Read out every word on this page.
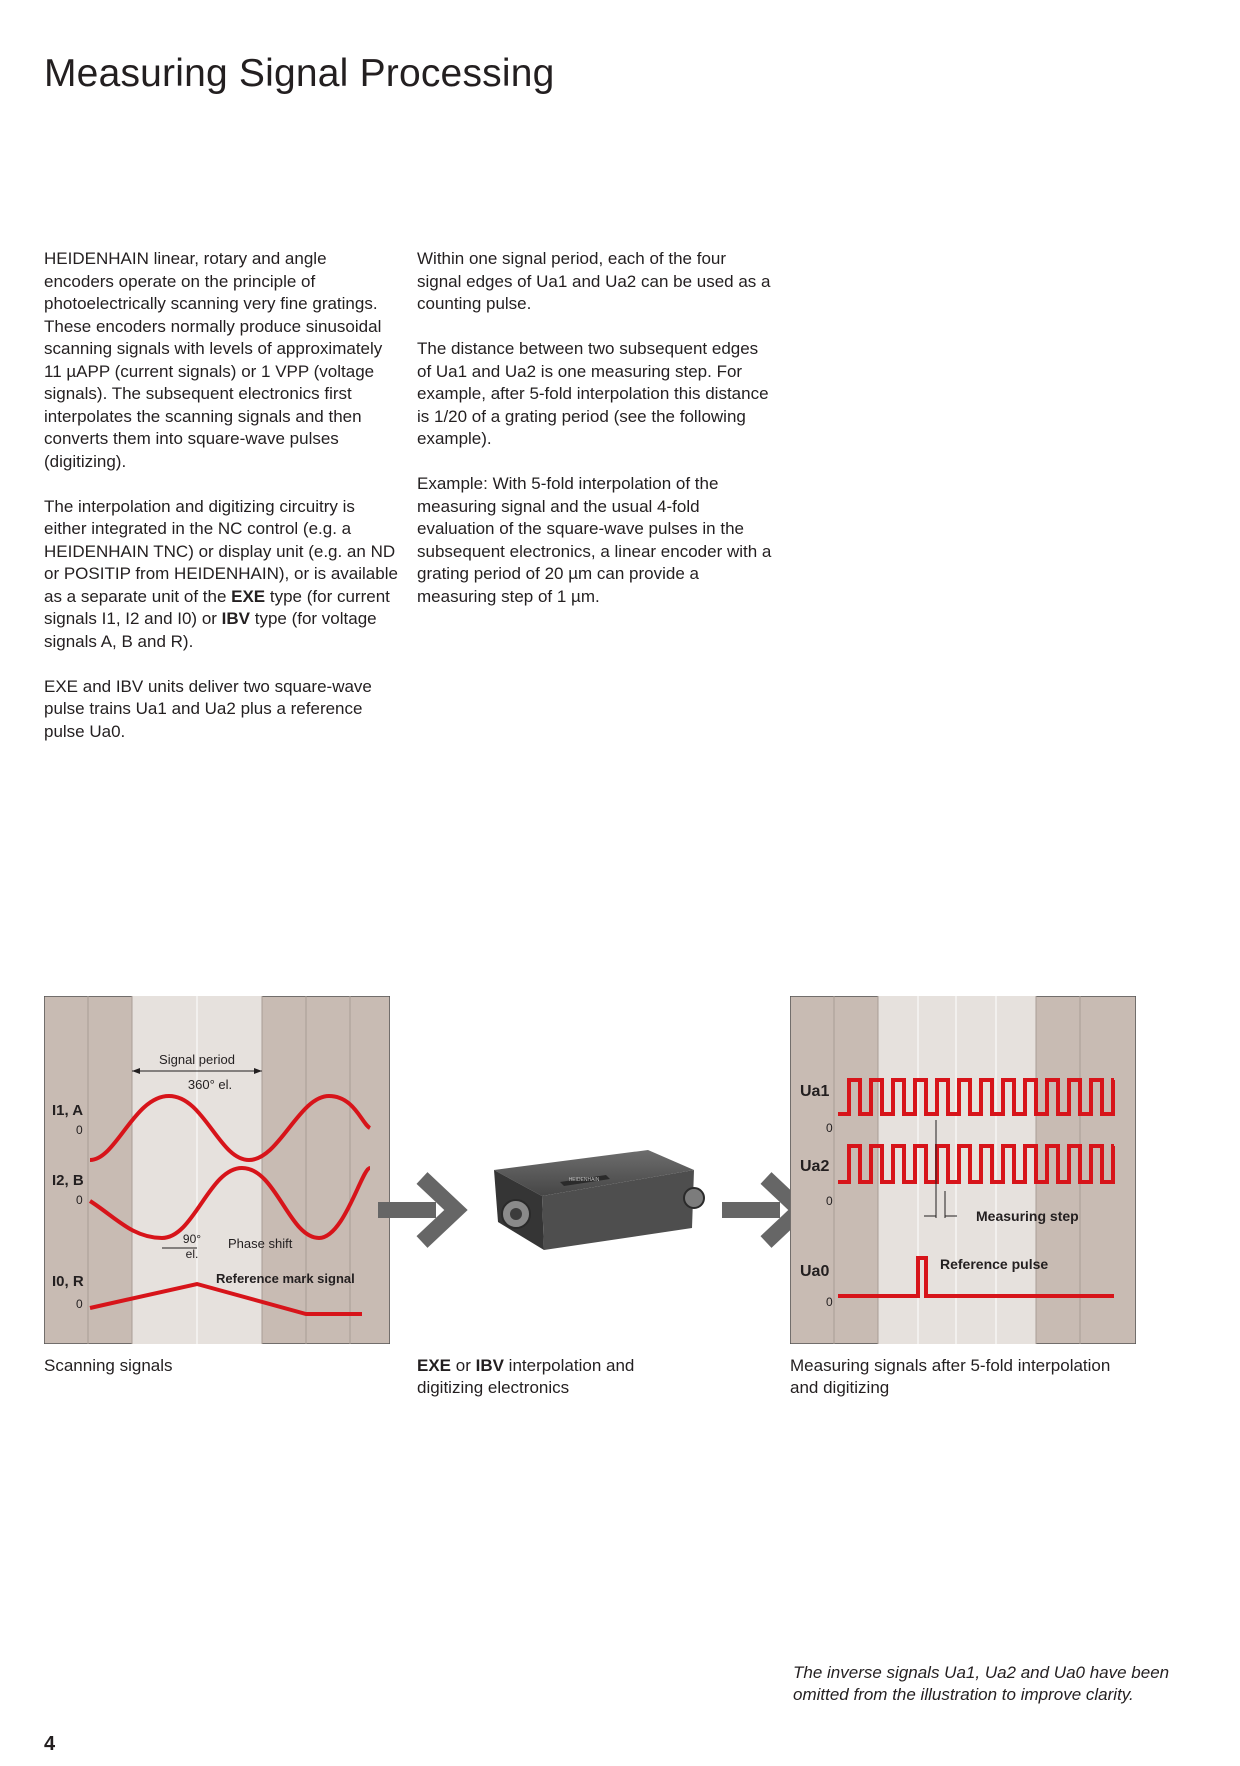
Measuring Signal Processing

HEIDENHAIN linear, rotary and angle encoders operate on the principle of photoelectrically scanning very fine gratings. These encoders normally produce sinusoidal scanning signals with levels of approximately 11 µAPP (current signals) or 1 VPP (voltage signals). The subsequent electronics first interpolates the scanning signals and then converts them into square-wave pulses (digitizing).

The interpolation and digitizing circuitry is either integrated in the NC control (e.g. a HEIDENHAIN TNC) or display unit (e.g. an ND or POSITIP from HEIDENHAIN), or is available as a separate unit of the EXE type (for current signals I1, I2 and I0) or IBV type (for voltage signals A, B and R).

EXE and IBV units deliver two square-wave pulse trains Ua1 and Ua2 plus a reference pulse Ua0.

Within one signal period, each of the four signal edges of Ua1 and Ua2 can be used as a counting pulse.

The distance between two subsequent edges of Ua1 and Ua2 is one measuring step. For example, after 5-fold interpolation this distance is 1/20 of a grating period (see the following example).

Example: With 5-fold interpolation of the measuring signal and the usual 4-fold evaluation of the square-wave pulses in the subsequent electronics, a linear encoder with a grating period of 20 µm can provide a measuring step of 1 µm.

Signal period
360° el.
I1, A
0
I2, B
0
90°
el.
Phase shift
I0, R
0
Reference mark signal
Scanning signals
HEIDENHAIN
EXE or IBV interpolation and digitizing electronics
Ua1
0
Ua2
0
Measuring step
Ua0
0
Reference pulse
Measuring signals after 5-fold interpolation and digitizing
The inverse signals Ua1, Ua2 and Ua0 have been omitted from the illustration to improve clarity.
4
